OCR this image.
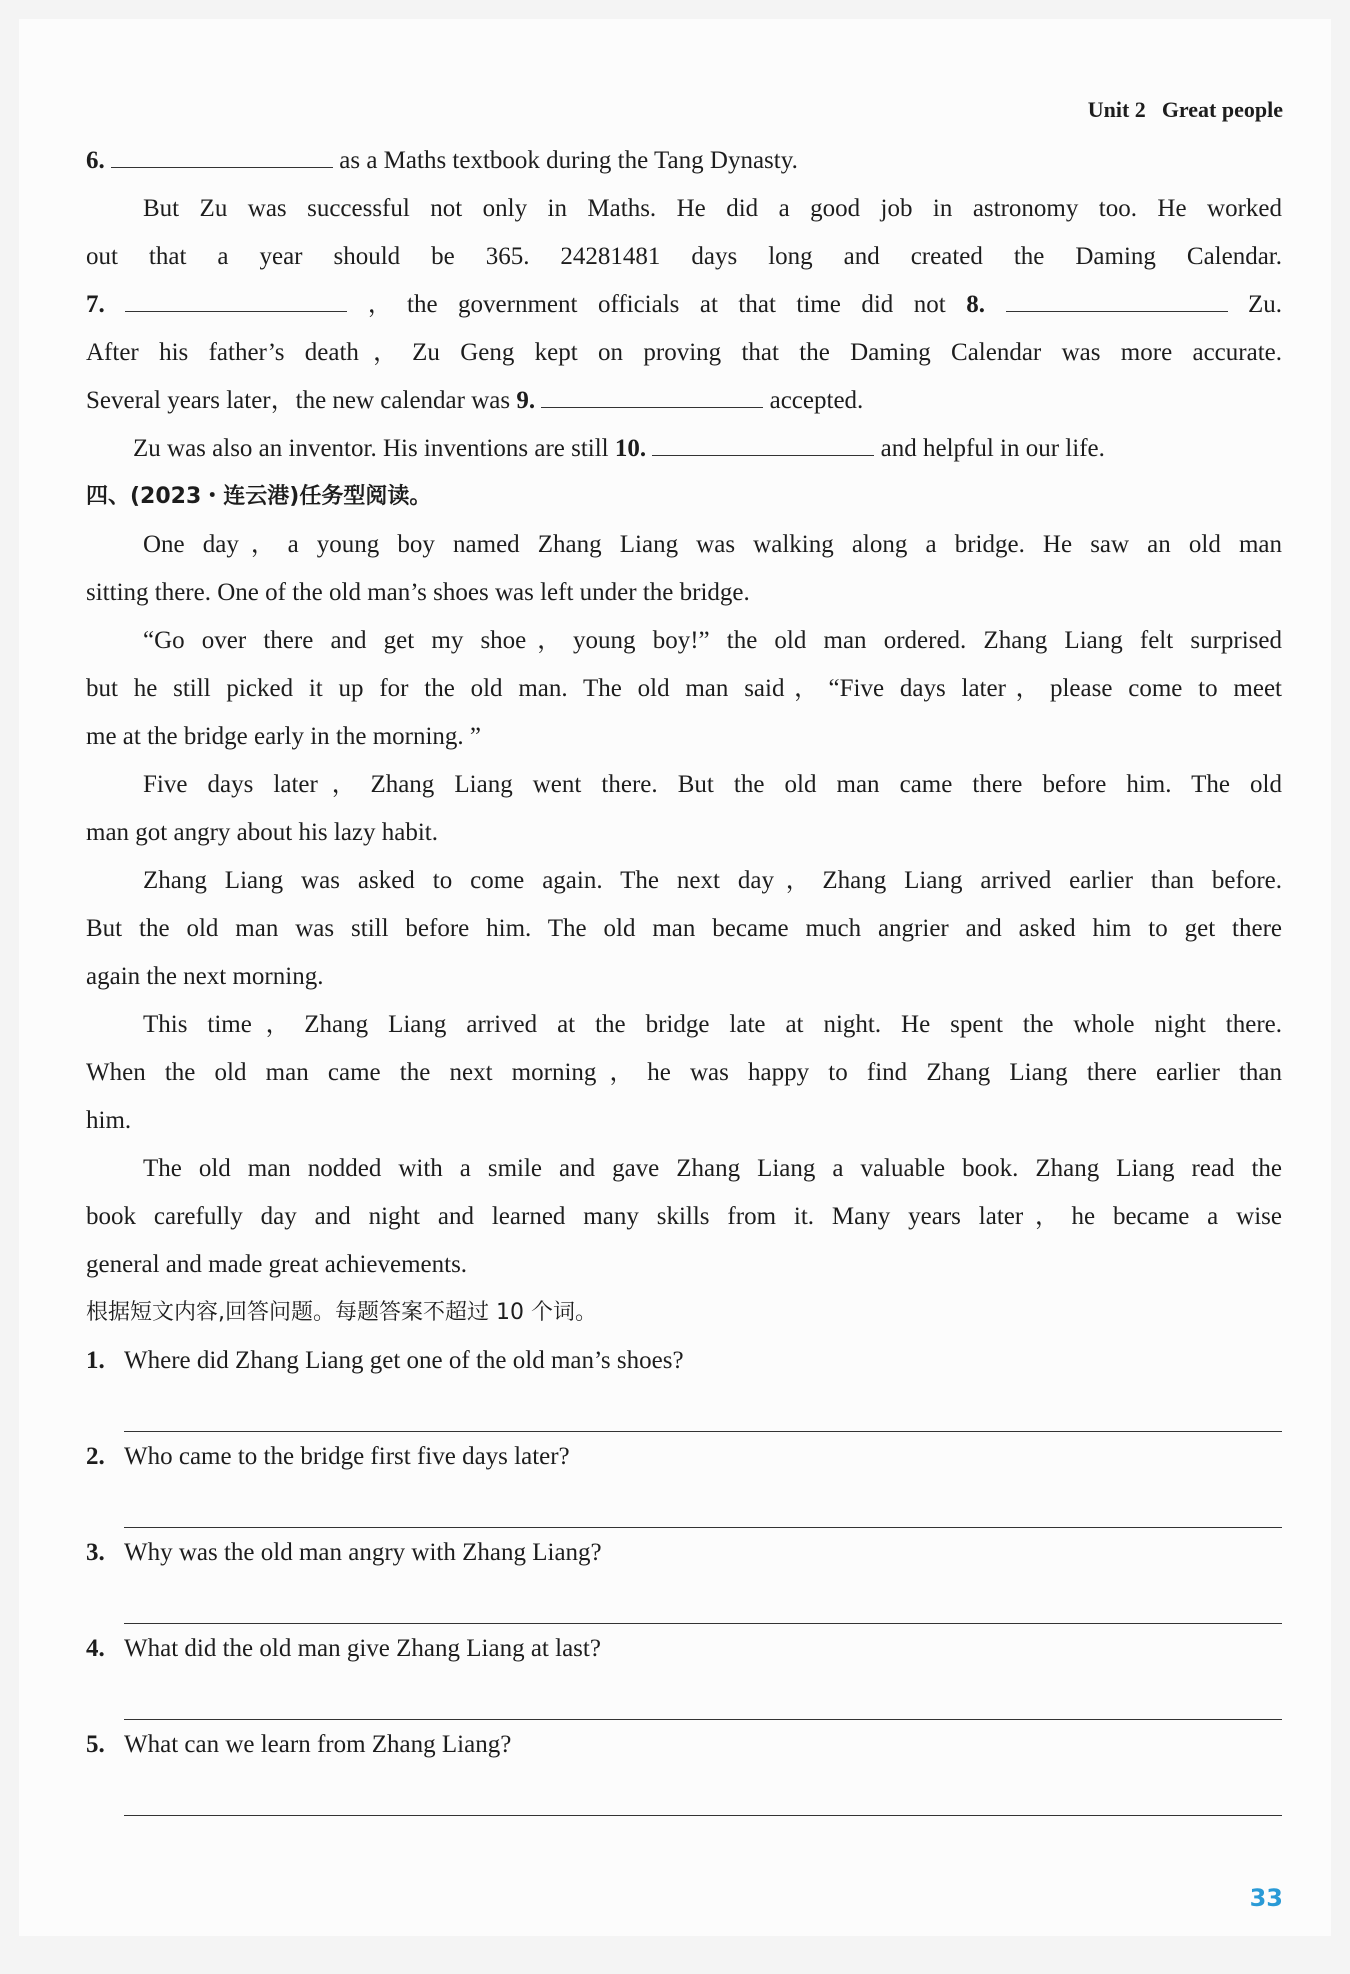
Unit 2 Great people
6.	as a Maths textbook during the Tang Dynasty.
But Zu was successful not only in Maths. He did a good job in astronomy too. He worked
out that a year should be 365. 24281481 days long and created the Daming Calendar.
7.	，the government officials at that time did not 8.	Zu.
After his father’s death，Zu Geng kept on proving that the Daming Calendar was more accurate.
Several years later，the new calendar was 9.	accepted.
Zu was also an inventor. His inventions are still 10.	and helpful in our life.
四、(2023・连云港)任务型阅读。
One day，a young boy named Zhang Liang was walking along a bridge. He saw an old man
sitting there. One of the old man’s shoes was left under the bridge.
“Go over there and get my shoe，young boy!” the old man ordered. Zhang Liang felt surprised
but he still picked it up for the old man. The old man said，“Five days later，please come to meet
me at the bridge early in the morning. ”
Five days later，Zhang Liang went there. But the old man came there before him. The old
man got angry about his lazy habit.
Zhang Liang was asked to come again. The next day，Zhang Liang arrived earlier than before.
But the old man was still before him. The old man became much angrier and asked him to get there
again the next morning.
This time，Zhang Liang arrived at the bridge late at night. He spent the whole night there.
When the old man came the next morning，he was happy to find Zhang Liang there earlier than
him.
The old man nodded with a smile and gave Zhang Liang a valuable book. Zhang Liang read the
book carefully day and night and learned many skills from it. Many years later，he became a wise
general and made great achievements.
根据短文内容,回答问题。每题答案不超过 10 个词。
1. Where did Zhang Liang get one of the old man’s shoes?
2. Who came to the bridge first five days later?
3. Why was the old man angry with Zhang Liang?
4. What did the old man give Zhang Liang at last?
5. What can we learn from Zhang Liang?
33
